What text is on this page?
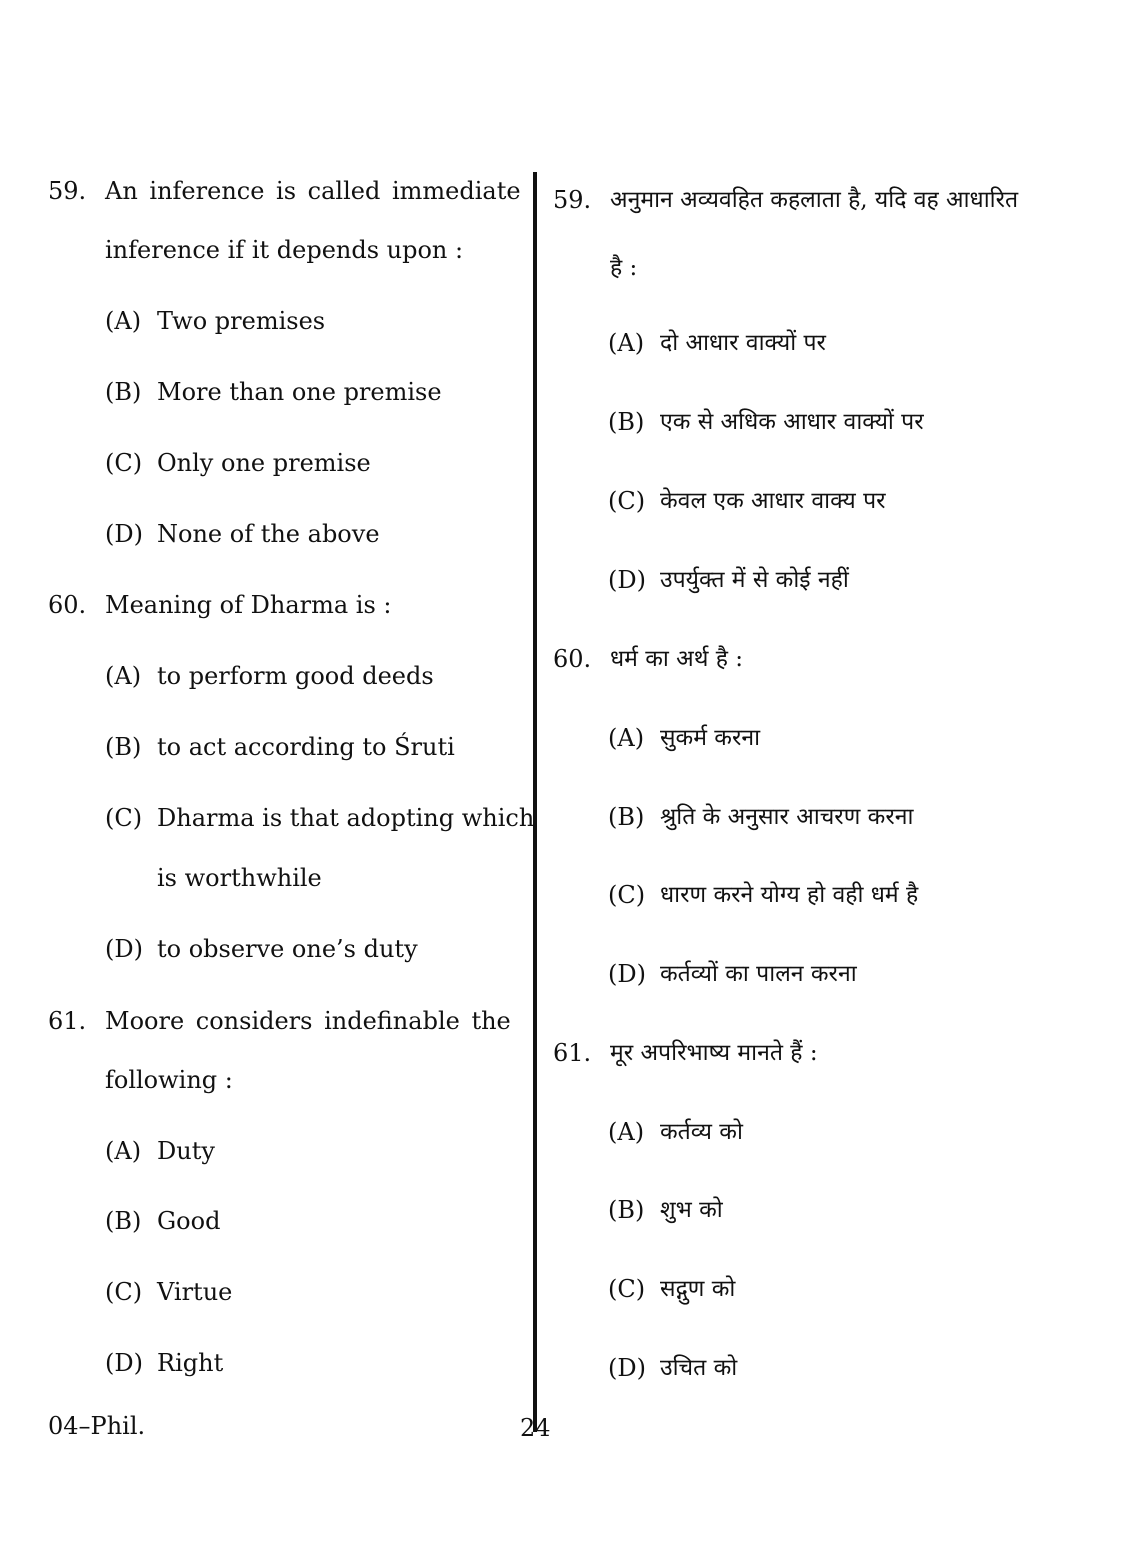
59. An inference is called immediate
inference if it depends upon :
(A) Two premises
(B) More than one premise
(C) Only one premise
(D) None of the above
60. Meaning of Dharma is :
(A) to perform good deeds
(B) to act according to Śruti
(C) Dharma is that adopting which
is worthwhile
(D) to observe one’s duty
61. Moore considers indefinable the
following :
(A) Duty
(B) Good
(C) Virtue
(D) Right
59. अनुमान अव्यवहित कहलाता है, यदि वह आधारित
है :
(A) दो आधार वाक्यों पर
(B) एक से अधिक आधार वाक्यों पर
(C) केवल एक आधार वाक्य पर
(D) उपर्युक्त में से कोई नहीं
60. धर्म का अर्थ है :
(A) सुकर्म करना
(B) श्रुति के अनुसार आचरण करना
(C) धारण करने योग्य हो वही धर्म है
(D) कर्तव्यों का पालन करना
61. मूर अपरिभाष्य मानते हैं :
(A) कर्तव्य को
(B) शुभ को
(C) सद्गुण को
(D) उचित को
04–Phil.	24
